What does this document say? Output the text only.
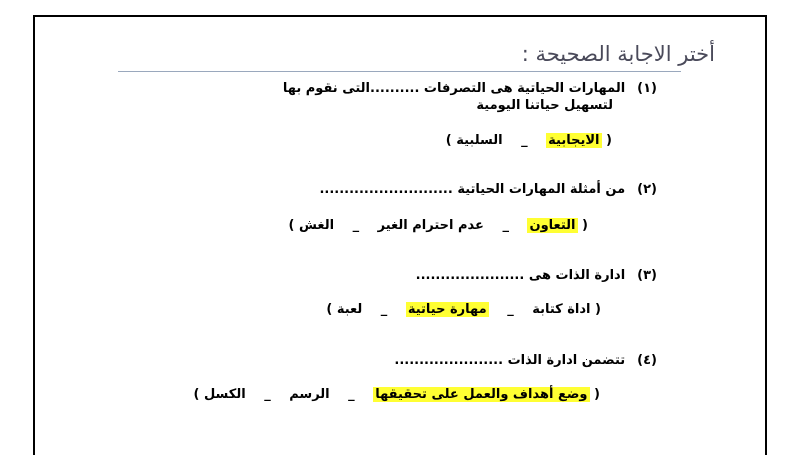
أختر الاجابة الصحيحة :
(١)المهارات الحياتية هى التصرفات ..........التى نقوم بها
لتسهيل حياتنا اليومية
( الايجابية _ السلبية )
(٢)من أمثلة المهارات الحياتية ...........................
( التعاون _ عدم احترام الغير _ الغش )
(٣)ادارة الذات هى ......................
( اداة كتابة _ مهارة حياتية _ لعبة )
(٤)تتضمن ادارة الذات ......................
( وضع أهداف والعمل على تحقيقها _ الرسم _ الكسل )
